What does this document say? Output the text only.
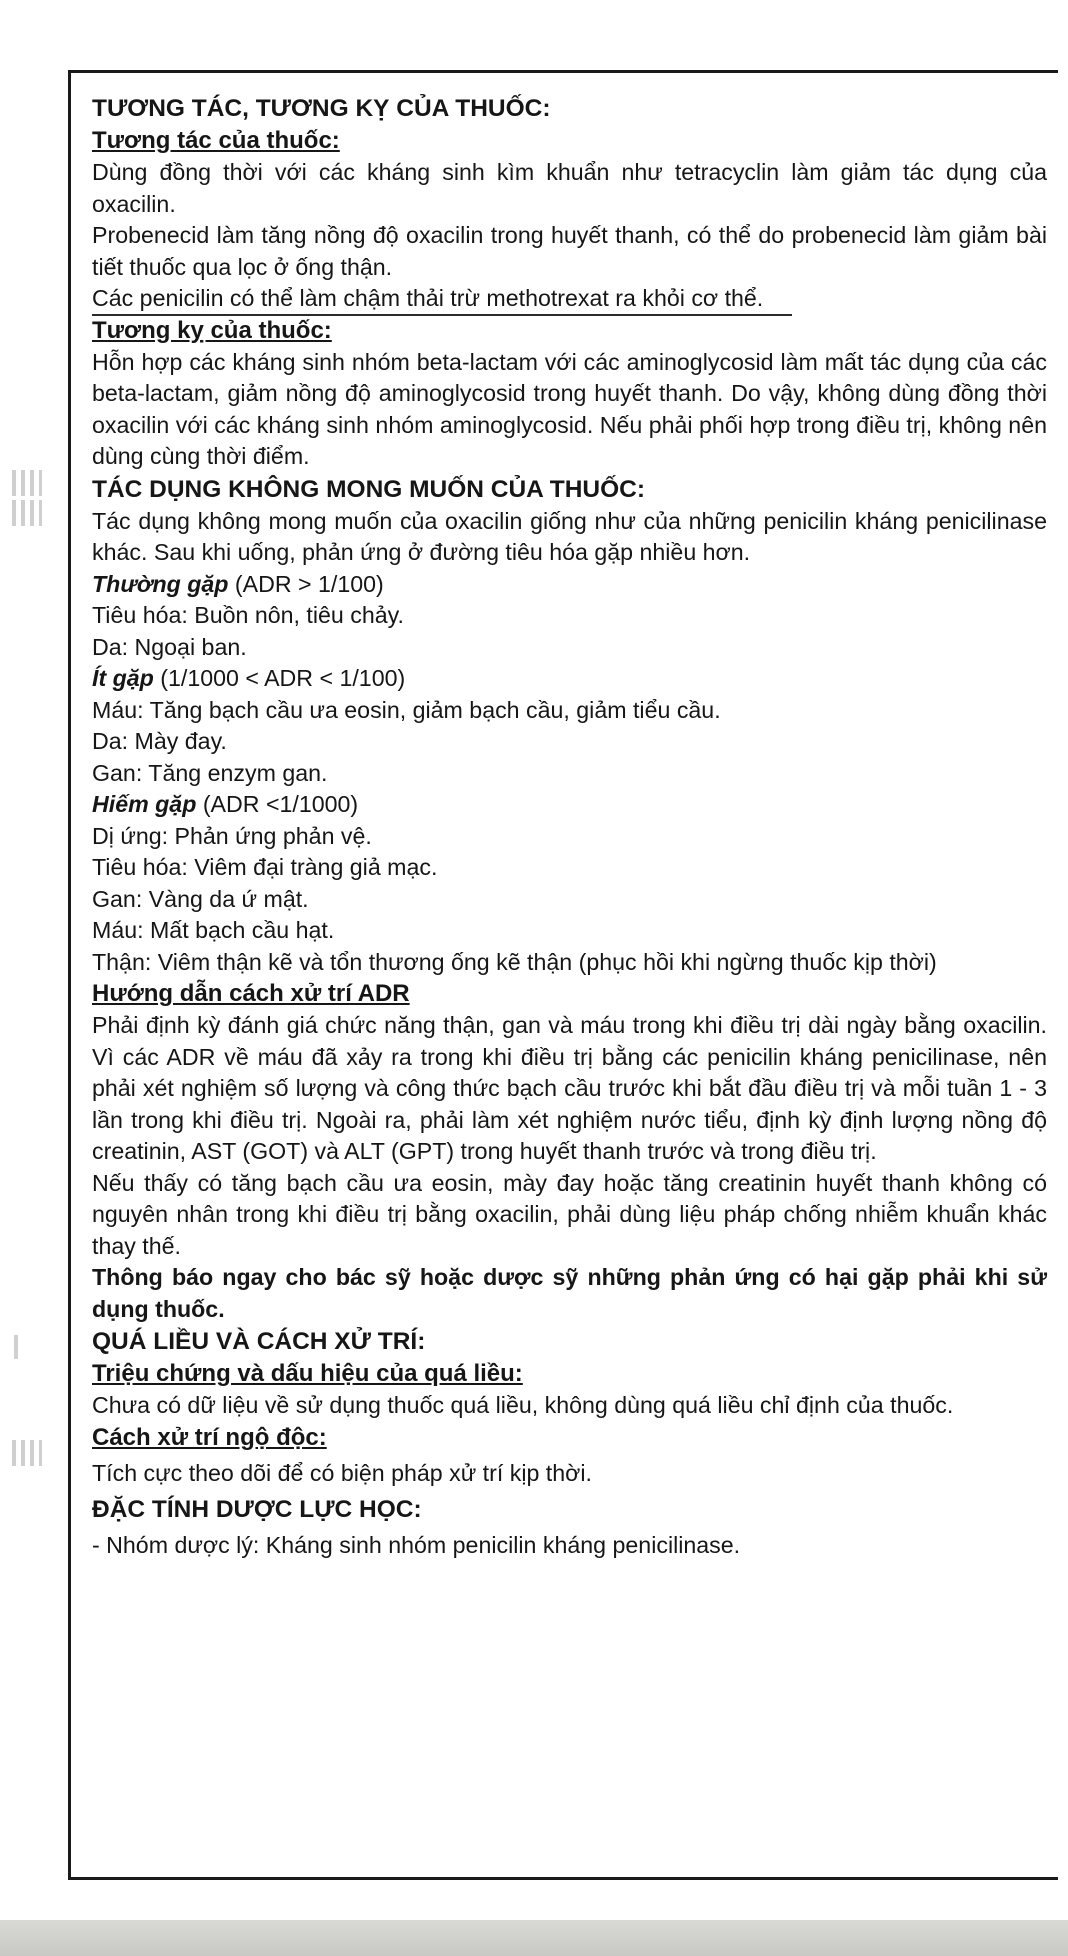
TƯƠNG TÁC, TƯƠNG KỴ CỦA THUỐC:

Tương tác của thuốc:

Dùng đồng thời với các kháng sinh kìm khuẩn như tetracyclin làm giảm tác dụng của oxacilin.

Probenecid làm tăng nồng độ oxacilin trong huyết thanh, có thể do probenecid làm giảm bài tiết thuốc qua lọc ở ống thận.

Các penicilin có thể làm chậm thải trừ methotrexat ra khỏi cơ thể.

Tương kỵ của thuốc:

Hỗn hợp các kháng sinh nhóm beta-lactam với các aminoglycosid làm mất tác dụng của các beta-lactam, giảm nồng độ aminoglycosid trong huyết thanh. Do vậy, không dùng đồng thời oxacilin với các kháng sinh nhóm aminoglycosid. Nếu phải phối hợp trong điều trị, không nên dùng cùng thời điểm.

TÁC DỤNG KHÔNG MONG MUỐN CỦA THUỐC:

Tác dụng không mong muốn của oxacilin giống như của những penicilin kháng penicilinase khác. Sau khi uống, phản ứng ở đường tiêu hóa gặp nhiều hơn.

Thường gặp (ADR > 1/100)

Tiêu hóa: Buồn nôn, tiêu chảy.

Da: Ngoại ban.

Ít gặp (1/1000 < ADR < 1/100)

Máu: Tăng bạch cầu ưa eosin, giảm bạch cầu, giảm tiểu cầu.

Da: Mày đay.

Gan: Tăng enzym gan.

Hiếm gặp (ADR <1/1000)

Dị ứng: Phản ứng phản vệ.

Tiêu hóa: Viêm đại tràng giả mạc.

Gan: Vàng da ứ mật.

Máu: Mất bạch cầu hạt.

Thận: Viêm thận kẽ và tổn thương ống kẽ thận (phục hồi khi ngừng thuốc kịp thời)

Hướng dẫn cách xử trí ADR

Phải định kỳ đánh giá chức năng thận, gan và máu trong khi điều trị dài ngày bằng oxacilin. Vì các ADR về máu đã xảy ra trong khi điều trị bằng các penicilin kháng penicilinase, nên phải xét nghiệm số lượng và công thức bạch cầu trước khi bắt đầu điều trị và mỗi tuần 1 - 3 lần trong khi điều trị. Ngoài ra, phải làm xét nghiệm nước tiểu, định kỳ định lượng nồng độ creatinin, AST (GOT) và ALT (GPT) trong huyết thanh trước và trong điều trị.

Nếu thấy có tăng bạch cầu ưa eosin, mày đay hoặc tăng creatinin huyết thanh không có nguyên nhân trong khi điều trị bằng oxacilin, phải dùng liệu pháp chống nhiễm khuẩn khác thay thế.

Thông báo ngay cho bác sỹ hoặc dược sỹ những phản ứng có hại gặp phải khi sử dụng thuốc.

QUÁ LIỀU VÀ CÁCH XỬ TRÍ:

Triệu chứng và dấu hiệu của quá liều:

Chưa có dữ liệu về sử dụng thuốc quá liều, không dùng quá liều chỉ định của thuốc.

Cách xử trí ngộ độc:

Tích cực theo dõi để có biện pháp xử trí kịp thời.

ĐẶC TÍNH DƯỢC LỰC HỌC:

- Nhóm dược lý: Kháng sinh nhóm penicilin kháng penicilinase.
